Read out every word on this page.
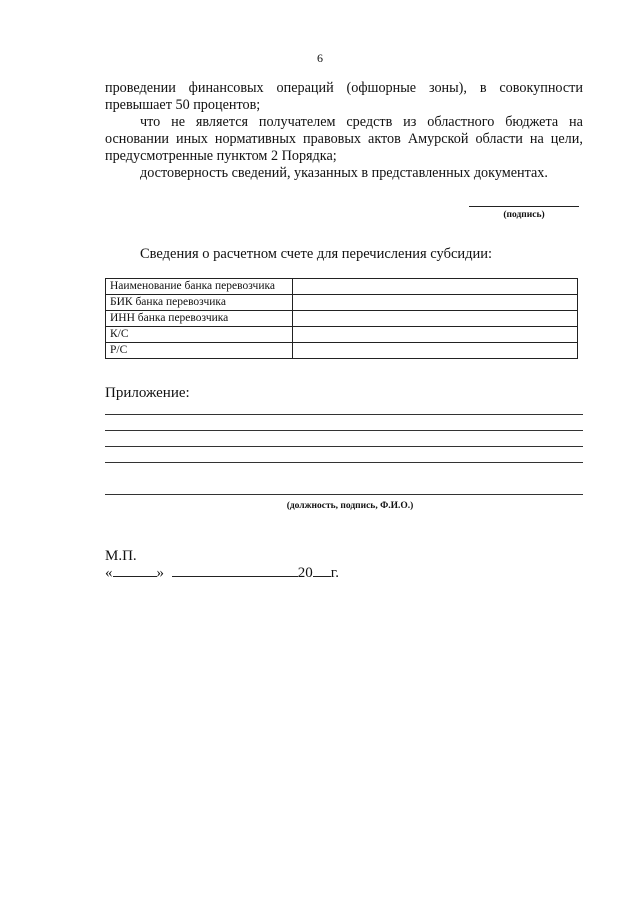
6
проведении финансовых операций (офшорные зоны), в совокупности
превышает 50 процентов;
что не является получателем средств из областного бюджета на
основании иных нормативных правовых актов Амурской области на цели,
предусмотренные пунктом 2 Порядка;
достоверность сведений, указанных в представленных документах.
(подпись)
Сведения о расчетном счете для перечисления субсидии:
Наименование банка перевозчика	
БИК банка перевозчика	
ИНН банка перевозчика	
К/С	
Р/С	
Приложение:
(должность, подпись, Ф.И.О.)
М.П.
«	»	20 г.
